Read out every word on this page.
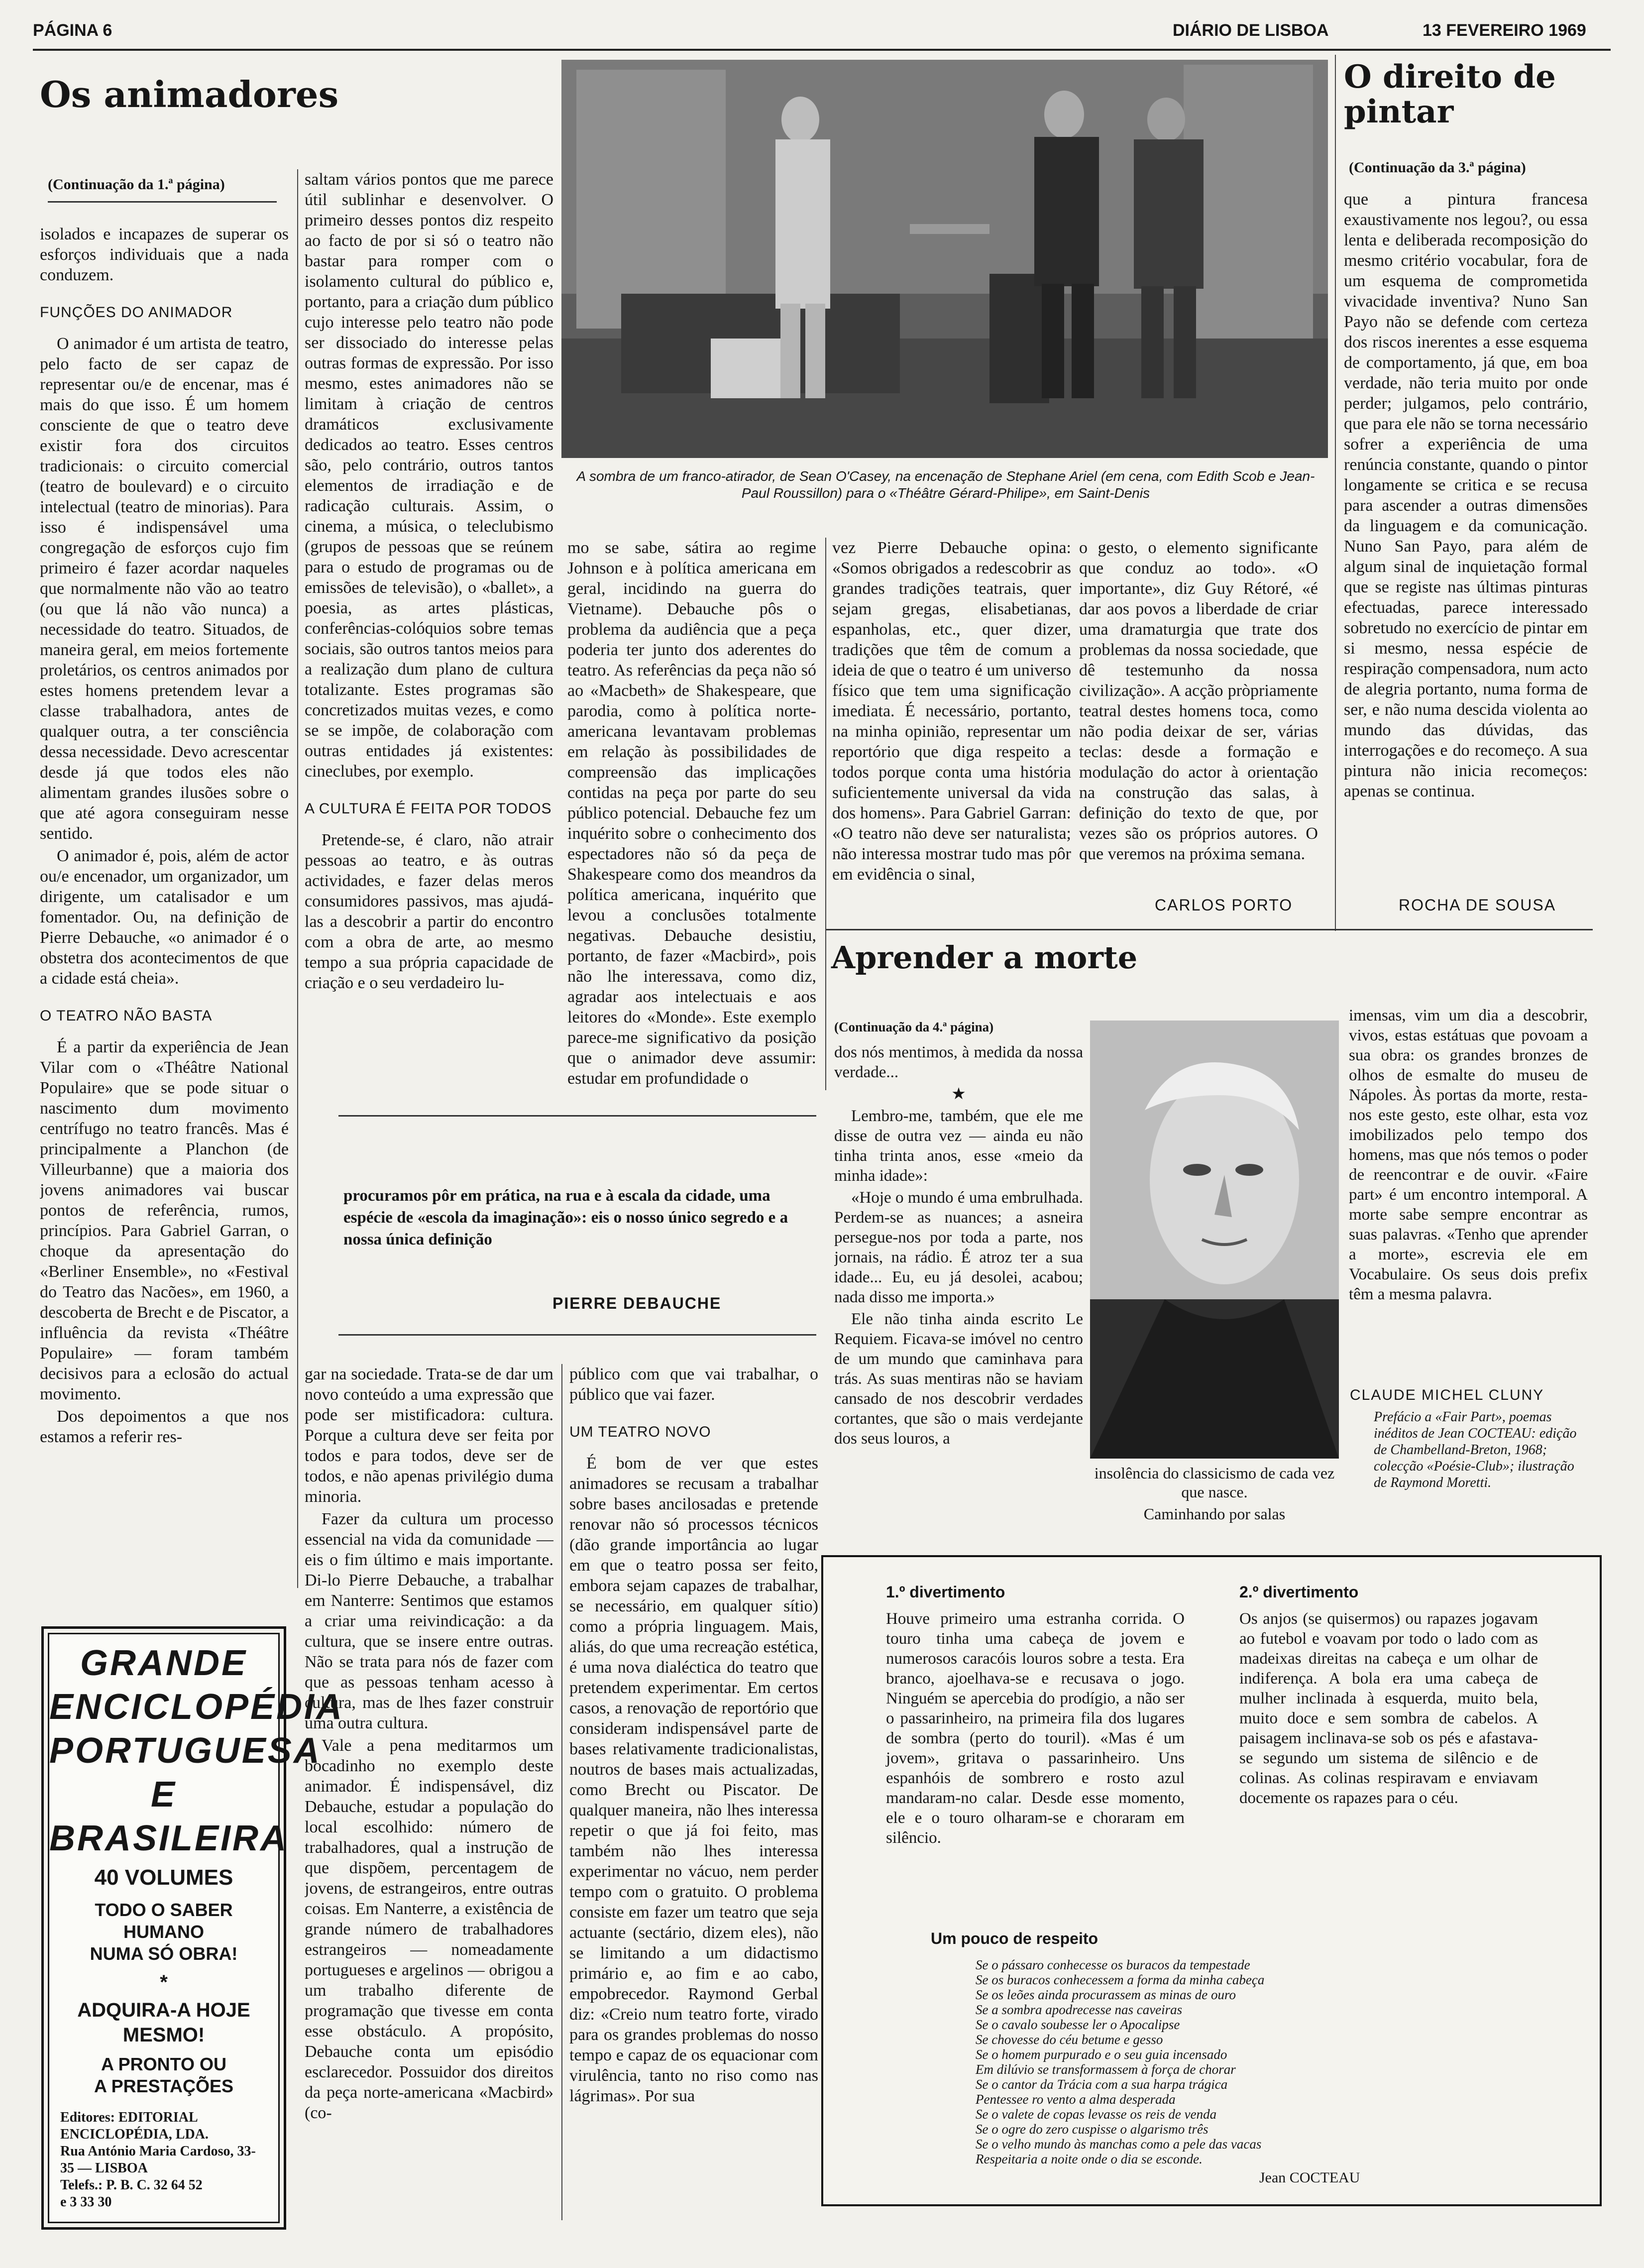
PÁGINA 6	DIÁRIO DE LISBOA	13 FEVEREIRO 1969
Os animadores
(Continuação da 1.ª página)

isolados e incapazes de superar os esforços individuais que a nada conduzem.

FUNÇÕES DO ANIMADOR

O animador é um artista de teatro, pelo facto de ser capaz de representar ou/e de encenar, mas é mais do que isso. É um homem consciente de que o teatro deve existir fora dos circuitos tradicionais: o circuito comercial (teatro de boulevard) e o circuito intelectual (teatro de minorias). Para isso é indispensável uma congregação de esforços cujo fim primeiro é fazer acordar naqueles que normalmente não vão ao teatro (ou que lá não vão nunca) a necessidade do teatro. Situados, de maneira geral, em meios fortemente proletários, os centros animados por estes homens pretendem levar a classe trabalhadora, antes de qualquer outra, a ter consciência dessa necessidade. Devo acrescentar desde já que todos eles não alimentam grandes ilusões sobre o que até agora conseguiram nesse sentido.

O animador é, pois, além de actor ou/e encenador, um organizador, um dirigente, um catalisador e um fomentador. Ou, na definição de Pierre Debauche, «o animador é o obstetra dos acontecimentos de que a cidade está cheia».

O TEATRO NÃO BASTA

É a partir da experiência de Jean Vilar com o «Théâtre National Populaire» que se pode situar o nascimento dum movimento centrífugo no teatro francês. Mas é principalmente a Planchon (de Villeurbanne) que a maioria dos jovens animadores vai buscar pontos de referência, rumos, princípios. Para Gabriel Garran, o choque da apresentação do «Berliner Ensemble», no «Festival do Teatro das Nacões», em 1960, a descoberta de Brecht e de Piscator, a influência da revista «Théâtre Populaire» — foram também decisivos para a eclosão do actual movimento.

Dos depoimentos a que nos estamos a referir res-

saltam vários pontos que me parece útil sublinhar e desenvolver. O primeiro desses pontos diz respeito ao facto de por si só o teatro não bastar para romper com o isolamento cultural do público e, portanto, para a criação dum público cujo interesse pelo teatro não pode ser dissociado do interesse pelas outras formas de expressão. Por isso mesmo, estes animadores não se limitam à criação de centros dramáticos exclusivamente dedicados ao teatro. Esses centros são, pelo contrário, outros tantos elementos de irradiação e de radicação culturais. Assim, o cinema, a música, o teleclubismo (grupos de pessoas que se reúnem para o estudo de programas ou de emissões de televisão), o «ballet», a poesia, as artes plásticas, conferências-colóquios sobre temas sociais, são outros tantos meios para a realização dum plano de cultura totalizante. Estes programas são concretizados muitas vezes, e como se se impõe, de colaboração com outras entidades já existentes: cineclubes, por exemplo.

A CULTURA É FEITA POR TODOS

Pretende-se, é claro, não atrair pessoas ao teatro, e às outras actividades, e fazer delas meros consumidores passivos, mas ajudá-las a descobrir a partir do encontro com a obra de arte, ao mesmo tempo a sua própria capacidade de criação e o seu verdadeiro lu-

A sombra de um franco-atirador, de Sean O'Casey, na encenação de Stephane Ariel (em cena, com Edith Scob e Jean-Paul Roussillon) para o «Théâtre Gérard-Philipe», em Saint-Denis

mo se sabe, sátira ao regime Johnson e à política americana em geral, incidindo na guerra do Vietname). Debauche pôs o problema da audiência que a peça poderia ter junto dos aderentes do teatro. As referências da peça não só ao «Macbeth» de Shakespeare, que parodia, como à política norte-americana levantavam problemas em relação às possibilidades de compreensão das implicações contidas na peça por parte do seu público potencial. Debauche fez um inquérito sobre o conhecimento dos espectadores não só da peça de Shakespeare como dos meandros da política americana, inquérito que levou a conclusões totalmente negativas. Debauche desistiu, portanto, de fazer «Macbird», pois não lhe interessava, como diz, agradar aos intelectuais e aos leitores do «Monde». Este exemplo parece-me significativo da posição que o animador deve assumir: estudar em profundidade o

vez Pierre Debauche opina: «Somos obrigados a redescobrir as grandes tradições teatrais, quer sejam gregas, elisabetianas, espanholas, etc., quer dizer, tradições que têm de comum a ideia de que o teatro é um universo físico que tem uma significação imediata. É necessário, portanto, na minha opinião, representar um reportório que diga respeito a todos porque conta uma história suficientemente universal da vida dos homens». Para Gabriel Garran: «O teatro não deve ser naturalista; não interessa mostrar tudo mas pôr em evidência o sinal,

o gesto, o elemento significante que conduz ao todo». «O importante», diz Guy Rétoré, «é dar aos povos a liberdade de criar uma dramaturgia que trate dos problemas da nossa sociedade, que dê testemunho da nossa civilização». A acção pròpriamente teatral destes homens toca, como não podia deixar de ser, várias teclas: desde a formação e modulação do actor à orientação na construção das salas, à definição do texto de que, por vezes são os próprios autores. O que veremos na próxima semana.

CARLOS PORTO
procuramos pôr em prática, na rua e à escala da cidade, uma espécie de «escola da imaginação»: eis o nosso único segredo e a nossa única definição
PIERRE DEBAUCHE

gar na sociedade. Trata-se de dar um novo conteúdo a uma expressão que pode ser mistificadora: cultura. Porque a cultura deve ser feita por todos e para todos, deve ser de todos, e não apenas privilégio duma minoria.

Fazer da cultura um processo essencial na vida da comunidade — eis o fim último e mais importante. Di-lo Pierre Debauche, a trabalhar em Nanterre: Sentimos que estamos a criar uma reivindicação: a da cultura, que se insere entre outras. Não se trata para nós de fazer com que as pessoas tenham acesso à cultura, mas de lhes fazer construir uma outra cultura.

Vale a pena meditarmos um bocadinho no exemplo deste animador. É indispensável, diz Debauche, estudar a população do local escolhido: número de trabalhadores, qual a instrução de que dispõem, percentagem de jovens, de estrangeiros, entre outras coisas. Em Nanterre, a existência de grande número de trabalhadores estrangeiros — nomeadamente portugueses e argelinos — obrigou a um trabalho diferente de programação que tivesse em conta esse obstáculo. A propósito, Debauche conta um episódio esclarecedor. Possuidor dos direitos da peça norte-americana «Macbird» (co-

público com que vai trabalhar, o público que vai fazer.

UM TEATRO NOVO

É bom de ver que estes animadores se recusam a trabalhar sobre bases ancilosadas e pretende renovar não só processos técnicos (dão grande importância ao lugar em que o teatro possa ser feito, embora sejam capazes de trabalhar, se necessário, em qualquer sítio) como a própria linguagem. Mais, aliás, do que uma recreação estética, é uma nova dialéctica do teatro que pretendem experimentar. Em certos casos, a renovação de reportório que consideram indispensável parte de bases relativamente tradicionalistas, noutros de bases mais actualizadas, como Brecht ou Piscator. De qualquer maneira, não lhes interessa repetir o que já foi feito, mas também não lhes interessa experimentar no vácuo, nem perder tempo com o gratuito. O problema consiste em fazer um teatro que seja actuante (sectário, dizem eles), não se limitando a um didactismo primário e, ao fim e ao cabo, empobrecedor. Raymond Gerbal diz: «Creio num teatro forte, virado para os grandes problemas do nosso tempo e capaz de os equacionar com virulência, tanto no riso como nas lágrimas». Por sua

O direito de pintar
(Continuação da 3.ª página)

que a pintura francesa exaustivamente nos legou?, ou essa lenta e deliberada recomposição do mesmo critério vocabular, fora de um esquema de comprometida vivacidade inventiva? Nuno San Payo não se defende com certeza dos riscos inerentes a esse esquema de comportamento, já que, em boa verdade, não teria muito por onde perder; julgamos, pelo contrário, que para ele não se torna necessário sofrer a experiência de uma renúncia constante, quando o pintor longamente se critica e se recusa para ascender a outras dimensões da linguagem e da comunicação. Nuno San Payo, para além de algum sinal de inquietação formal que se registe nas últimas pinturas efectuadas, parece interessado sobretudo no exercício de pintar em si mesmo, nessa espécie de respiração compensadora, num acto de alegria portanto, numa forma de ser, e não numa descida violenta ao mundo das dúvidas, das interrogações e do recomeço. A sua pintura não inicia recomeços: apenas se continua.

ROCHA DE SOUSA
Aprender a morte
(Continuação da 4.ª página)

dos nós mentimos, à medida da nossa verdade...

★

Lembro-me, também, que ele me disse de outra vez — ainda eu não tinha trinta anos, esse «meio da minha idade»:

«Hoje o mundo é uma embrulhada. Perdem-se as nuances; a asneira persegue-nos por toda a parte, nos jornais, na rádio. É atroz ter a sua idade... Eu, eu já desolei, acabou; nada disso me importa.»

Ele não tinha ainda escrito Le Requiem. Ficava-se imóvel no centro de um mundo que caminhava para trás. As suas mentiras não se haviam cansado de nos descobrir verdades cortantes, que são o mais verdejante dos seus louros, a

insolência do classicismo de cada vez que nasce.
Caminhando por salas

imensas, vim um dia a descobrir, vivos, estas estátuas que povoam a sua obra: os grandes bronzes de olhos de esmalte do museu de Nápoles. Às portas da morte, resta-nos este gesto, este olhar, esta voz imobilizados pelo tempo dos homens, mas que nós temos o poder de reencontrar e de ouvir. «Faire part» é um encontro intemporal. A morte sabe sempre encontrar as suas palavras. «Tenho que aprender a morte», escrevia ele em Vocabulaire. Os seus dois prefix têm a mesma palavra.

CLAUDE MICHEL CLUNY
Prefácio a «Fair Part», poemas inéditos de Jean COCTEAU: edição de Chambelland-Breton, 1968; colecção «Poésie-Club»; ilustração de Raymond Moretti.
1.º divertimento

Houve primeiro uma estranha corrida. O touro tinha uma cabeça de jovem e numerosos caracóis louros sobre a testa. Era branco, ajoelhava-se e recusava o jogo. Ninguém se apercebia do prodígio, a não ser o passarinheiro, na primeira fila dos lugares de sombra (perto do touril). «Mas é um jovem», gritava o passarinheiro. Uns espanhóis de sombrero e rosto azul mandaram-no calar. Desde esse momento, ele e o touro olharam-se e choraram em silêncio.

2.º divertimento

Os anjos (se quisermos) ou rapazes jogavam ao futebol e voavam por todo o lado com as madeixas direitas na cabeça e um olhar de indiferença. A bola era uma cabeça de mulher inclinada à esquerda, muito bela, muito doce e sem sombra de cabelos. A paisagem inclinava-se sob os pés e afastava-se segundo um sistema de silêncio e de colinas. As colinas respiravam e enviavam docemente os rapazes para o céu.

Um pouco de respeito
Se o pássaro conhecesse os buracos da tempestade
Se os buracos conhecessem a forma da minha cabeça
Se os leões ainda procurassem as minas de ouro
Se a sombra apodrecesse nas caveiras
Se o cavalo soubesse ler o Apocalipse
Se chovesse do céu betume e gesso
Se o homem purpurado e o seu guia incensado
Em dilúvio se transformassem à força de chorar
Se o cantor da Trácia com a sua harpa trágica
Pentessee ro vento a alma desperada
Se o valete de copas levasse os reis de venda
Se o ogre do zero cuspisse o algarismo três
Se o velho mundo às manchas como a pele das vacas
Respeitaria a noite onde o dia se esconde.
Jean COCTEAU
GRANDE
ENCICLOPÉDIA
PORTUGUESA
E BRASILEIRA
40 VOLUMES
TODO O SABER
HUMANO
NUMA SÓ OBRA!
*
ADQUIRA-A HOJE
MESMO!
A PRONTO OU
A PRESTAÇÕES
Editores: EDITORIAL
ENCICLOPÉDIA, LDA.
Rua António Maria Cardoso, 33-35 — LISBOA
Telefs.: P. B. C. 32 64 52
e 3 33 30
